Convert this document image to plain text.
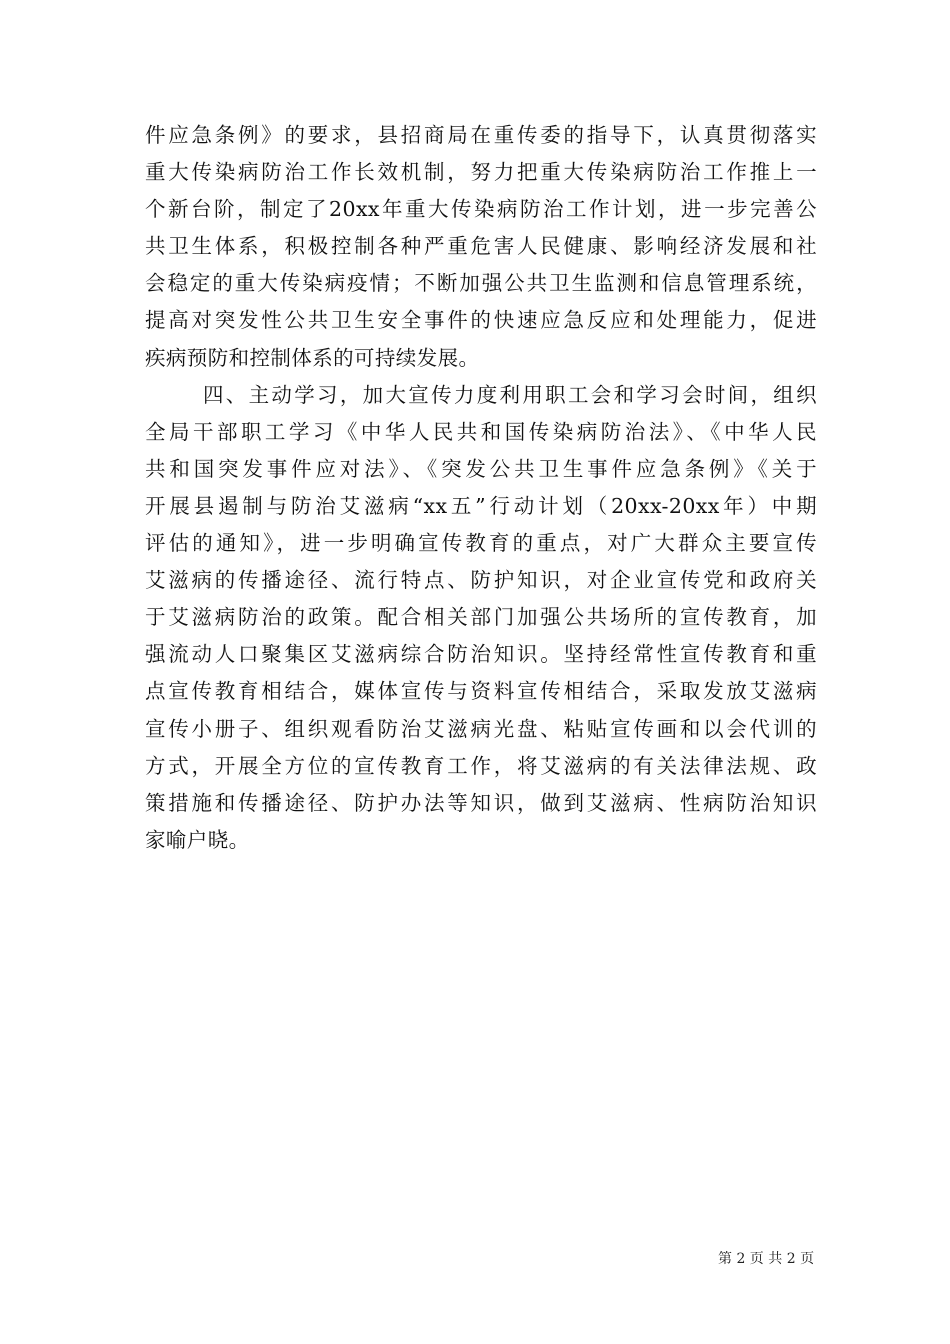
件应急条例》的要求，县招商局在重传委的指导下，认真贯彻落实
重大传染病防治工作长效机制，努力把重大传染病防治工作推上一
个新台阶，制定了20xx年重大传染病防治工作计划，进一步完善公
共卫生体系，积极控制各种严重危害人民健康、影响经济发展和社
会稳定的重大传染病疫情；不断加强公共卫生监测和信息管理系统，
提高对突发性公共卫生安全事件的快速应急反应和处理能力，促进
疾病预防和控制体系的可持续发展。
四、主动学习，加大宣传力度利用职工会和学习会时间，组织
全局干部职工学习《中华人民共和国传染病防治法》、《中华人民
共和国突发事件应对法》、《突发公共卫生事件应急条例》《关于
开展县遏制与防治艾滋病“xx五”行动计划（20xx-20xx年）中期
评估的通知》，进一步明确宣传教育的重点，对广大群众主要宣传
艾滋病的传播途径、流行特点、防护知识，对企业宣传党和政府关
于艾滋病防治的政策。配合相关部门加强公共场所的宣传教育，加
强流动人口聚集区艾滋病综合防治知识。坚持经常性宣传教育和重
点宣传教育相结合，媒体宣传与资料宣传相结合，采取发放艾滋病
宣传小册子、组织观看防治艾滋病光盘、粘贴宣传画和以会代训的
方式，开展全方位的宣传教育工作，将艾滋病的有关法律法规、政
策措施和传播途径、防护办法等知识，做到艾滋病、性病防治知识
家喻户晓。
第 2 页 共 2 页
